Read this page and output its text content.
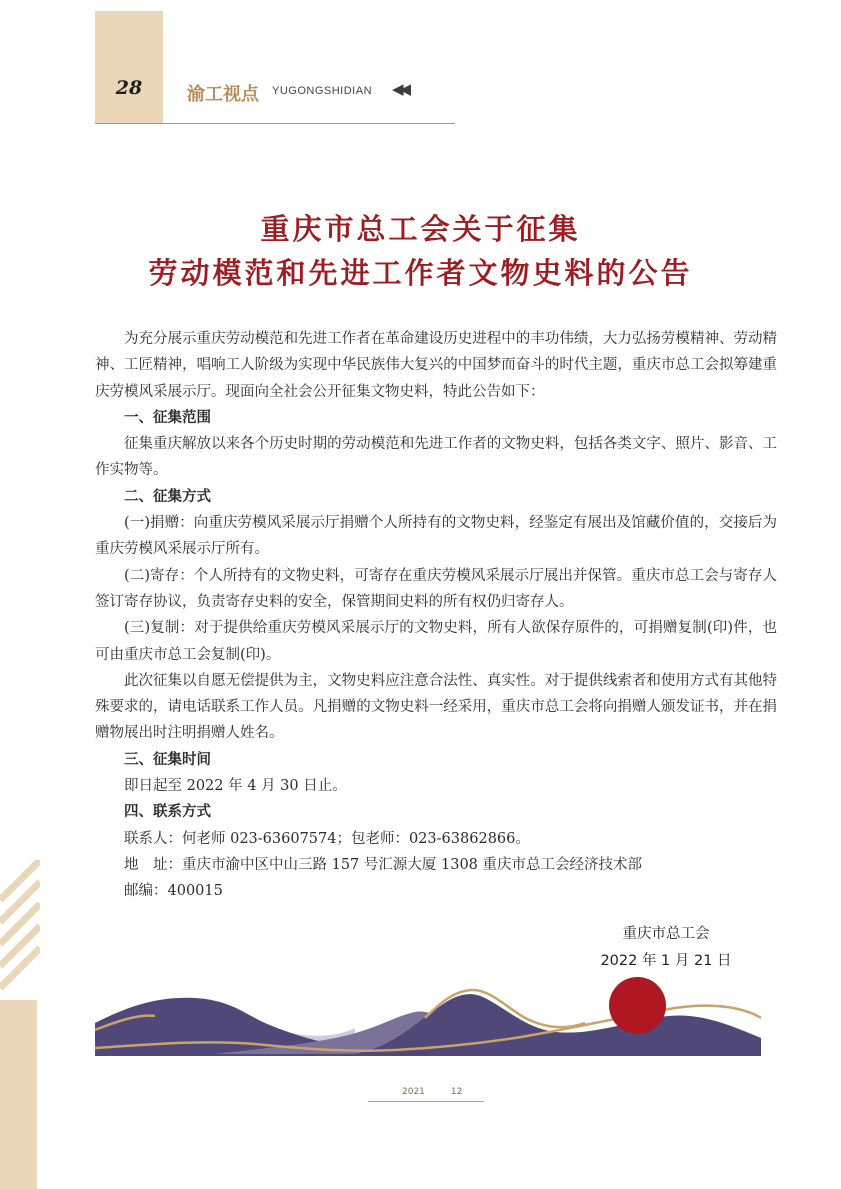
28	渝工视点 YUGONGSHIDIAN ◀◀
重庆市总工会关于征集
劳动模范和先进工作者文物史料的公告

为充分展示重庆劳动模范和先进工作者在革命建设历史进程中的丰功伟绩，大力弘扬劳模精神、劳动精神、工匠精神，唱响工人阶级为实现中华民族伟大复兴的中国梦而奋斗的时代主题，重庆市总工会拟筹建重庆劳模风采展示厅。现面向全社会公开征集文物史料，特此公告如下：

一、征集范围

征集重庆解放以来各个历史时期的劳动模范和先进工作者的文物史料，包括各类文字、照片、影音、工作实物等。

二、征集方式

(一)捐赠：向重庆劳模风采展示厅捐赠个人所持有的文物史料，经鉴定有展出及馆藏价值的，交接后为重庆劳模风采展示厅所有。

(二)寄存：个人所持有的文物史料，可寄存在重庆劳模风采展示厅展出并保管。重庆市总工会与寄存人签订寄存协议，负责寄存史料的安全，保管期间史料的所有权仍归寄存人。

(三)复制：对于提供给重庆劳模风采展示厅的文物史料，所有人欲保存原件的，可捐赠复制(印)件，也可由重庆市总工会复制(印)。

此次征集以自愿无偿提供为主，文物史料应注意合法性、真实性。对于提供线索者和使用方式有其他特殊要求的，请电话联系工作人员。凡捐赠的文物史料一经采用，重庆市总工会将向捐赠人颁发证书，并在捐赠物展出时注明捐赠人姓名。

三、征集时间

即日起至 2022 年 4 月 30 日止。

四、联系方式

联系人：何老师 023-63607574；包老师：023-63862866。

地　址：重庆市渝中区中山三路 157 号汇源大厦 1308 重庆市总工会经济技术部

邮编：400015

重庆市总工会
2022 年 1 月 21 日
2021	12
